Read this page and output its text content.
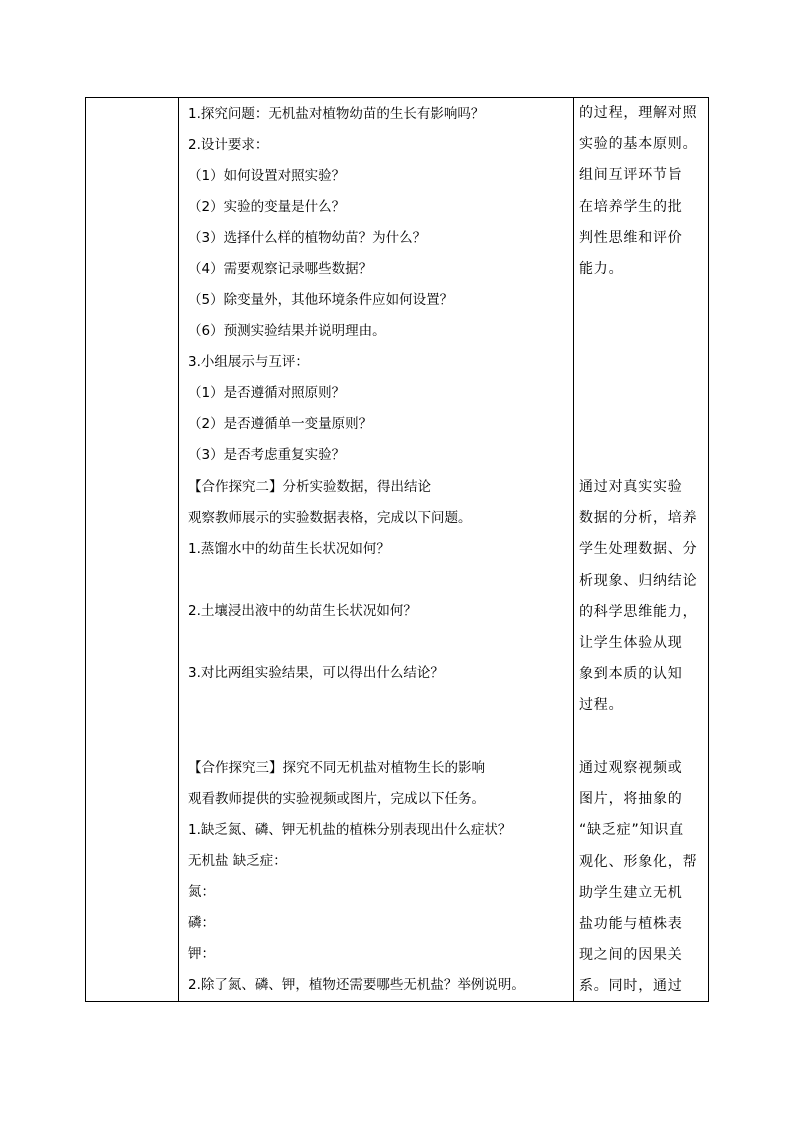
1.探究问题：无机盐对植物幼苗的生长有影响吗？
2.设计要求：
（1）如何设置对照实验？
（2）实验的变量是什么？
（3）选择什么样的植物幼苗？为什么？
（4）需要观察记录哪些数据？
（5）除变量外，其他环境条件应如何设置？
（6）预测实验结果并说明理由。
3.小组展示与互评：
（1）是否遵循对照原则？
（2）是否遵循单一变量原则？
（3）是否考虑重复实验？
的过程，理解对照
实验的基本原则。
组间互评环节旨
在培养学生的批
判性思维和评价
能力。
【合作探究二】分析实验数据，得出结论
观察教师展示的实验数据表格，完成以下问题。
1.蒸馏水中的幼苗生长状况如何？
2.土壤浸出液中的幼苗生长状况如何？
3.对比两组实验结果，可以得出什么结论？
通过对真实实验
数据的分析，培养
学生处理数据、分
析现象、归纳结论
的科学思维能力，
让学生体验从现
象到本质的认知
过程。
【合作探究三】探究不同无机盐对植物生长的影响
观看教师提供的实验视频或图片，完成以下任务。
1.缺乏氮、磷、钾无机盐的植株分别表现出什么症状？
无机盐 缺乏症：
氮：
磷：
钾：
2.除了氮、磷、钾，植物还需要哪些无机盐？举例说明。
通过观察视频或
图片，将抽象的
“缺乏症”知识直
观化、形象化，帮
助学生建立无机
盐功能与植株表
现之间的因果关
系。同时，通过
